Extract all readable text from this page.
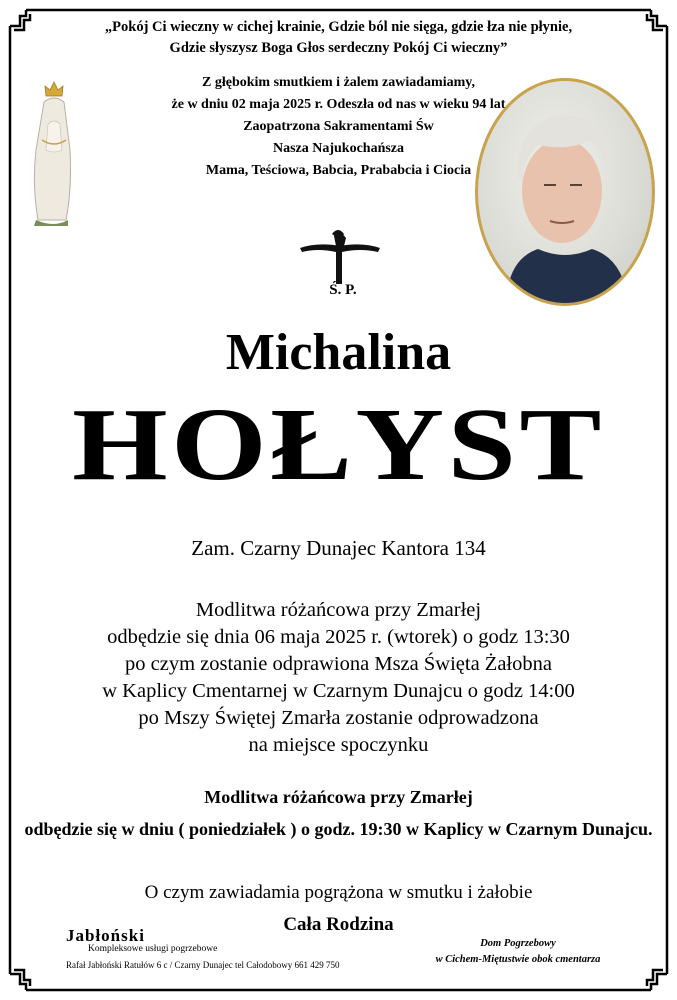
„Pokój Ci wieczny w cichej krainie, Gdzie ból nie sięga, gdzie łza nie płynie,
Gdzie słyszysz Boga Głos serdeczny Pokój Ci wieczny”
Z głębokim smutkiem i żalem zawiadamiamy,
że w dniu 02 maja 2025 r. Odeszła od nas w wieku 94 lat
Zaopatrzona Sakramentami Św
Nasza Najukochańsza
Mama, Teściowa, Babcia, Prababcia i Ciocia
Ś. P.
Michalina
HOŁYST
Zam. Czarny Dunajec Kantora 134
Modlitwa różańcowa przy Zmarłej
odbędzie się dnia 06 maja 2025 r. (wtorek) o godz 13:30
po czym zostanie odprawiona Msza Święta Żałobna
w Kaplicy Cmentarnej w Czarnym Dunajcu o godz 14:00
po Mszy Świętej Zmarła zostanie odprowadzona
na miejsce spoczynku
Modlitwa różańcowa przy Zmarłej
odbędzie się w dniu ( poniedziałek ) o godz. 19:30 w Kaplicy w Czarnym Dunajcu.
O czym zawiadamia pogrążona w smutku i żałobie
Cała Rodzina
Jabłoński
Kompleksowe usługi pogrzebowe
Rafał Jabłoński Ratułów 6 c / Czarny Dunajec tel Całodobowy 661 429 750
Dom Pogrzebowy
w Cichem-Miętustwie obok cmentarza
